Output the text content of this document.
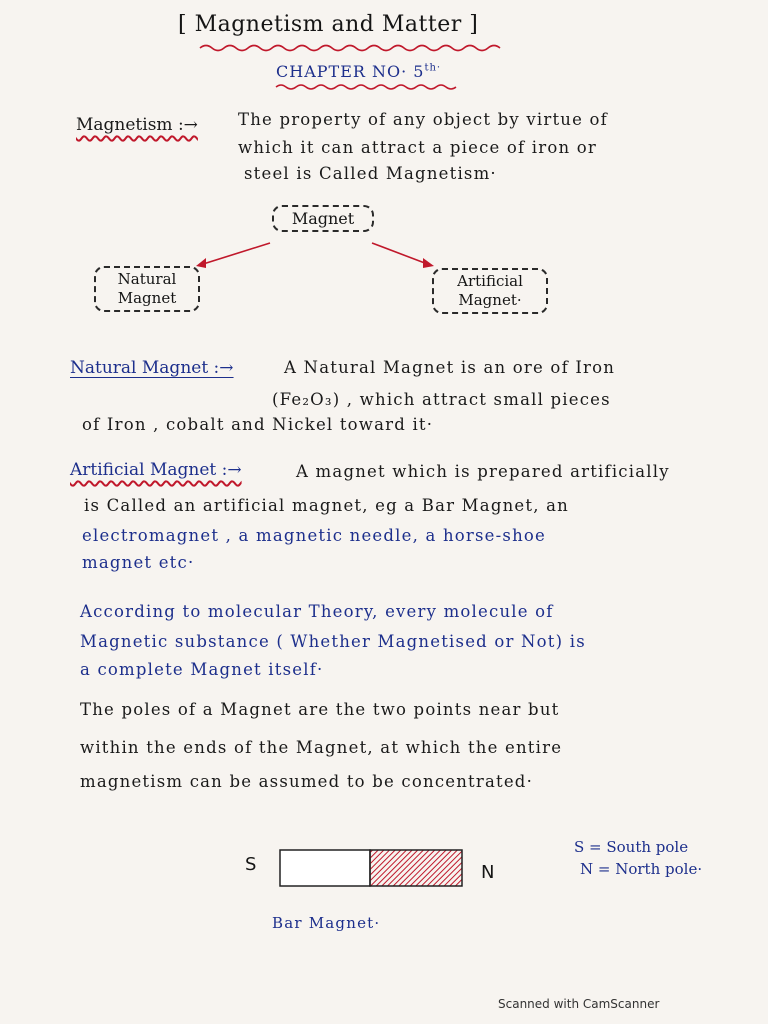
[ Magnetism and Matter ]
CHAPTER $NO\cdot 5^{th\cdot}$
Magnetism :→ The property of any object by virtue of
which it can attract a piece of iron or
steel is Called Magnetism·
Magnet
Natural
Magnet
Artificial
Magnet·
Natural Magnet :→	A Natural Magnet is an ore of Iron
(Fe₂O₃) , which attract small pieces
of Iron , cobalt and Nickel toward it·
Artificial Magnet :→	A magnet which is prepared artificially
is Called an artificial magnet, eg a Bar Magnet, an
electromagnet , a magnetic needle, a horse-shoe
magnet etc·
According to molecular Theory, every molecule of
Magnetic substance ( Whether Magnetised or Not) is
a complete Magnet itself·
The poles of a Magnet are the two points near but
within the ends of the Magnet, at which the entire
magnetism can be assumed to be concentrated·
S	N
Bar Magnet·
S = South pole
N = North pole·
Scanned with CamScanner
